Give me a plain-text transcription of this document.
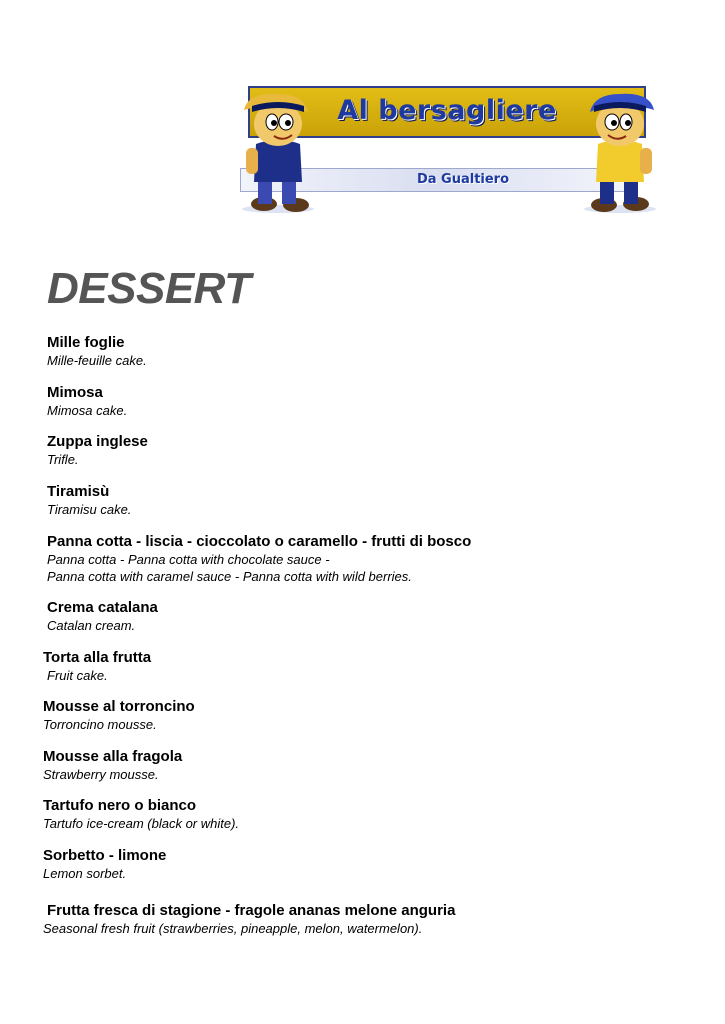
Al bersagliere
Da Gualtiero
DESSERT
Mille foglie
Mille-feuille cake.
Mimosa
Mimosa cake.
Zuppa inglese
Trifle.
Tiramisù
Tiramisu cake.
Panna cotta - liscia - cioccolato o caramello - frutti di bosco
Panna cotta - Panna cotta with chocolate sauce -
Panna cotta with caramel sauce - Panna cotta with wild berries.
Crema catalana
Catalan cream.
Torta alla frutta
Fruit cake.
Mousse al torroncino
Torroncino mousse.
Mousse alla fragola
Strawberry mousse.
Tartufo nero o bianco
Tartufo ice-cream (black or white).
Sorbetto - limone
Lemon sorbet.
Frutta fresca di stagione - fragole ananas melone anguria
Seasonal fresh fruit (strawberries, pineapple, melon, watermelon).
